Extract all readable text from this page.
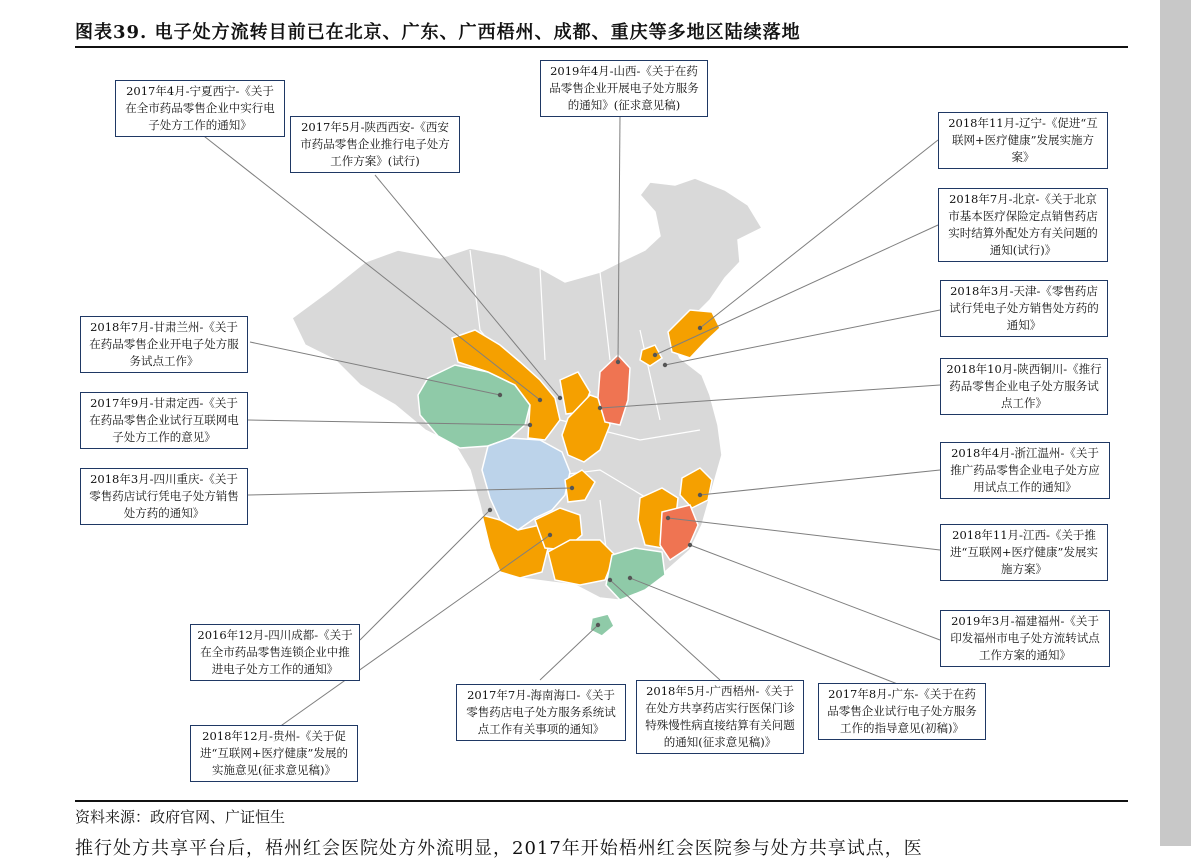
图表39. 电子处方流转目前已在北京、广东、广西梧州、成都、重庆等多地区陆续落地
2017年4月-宁夏西宁-《关于在全市药品零售企业中实行电子处方工作的通知》	2017年5月-陕西西安-《西安市药品零售企业推行电子处方工作方案》(试行)
2019年4月-山西-《关于在药品零售企业开展电子处方服务的通知》(征求意见稿)
2018年11月-辽宁-《促进“互联网+医疗健康”发展实施方案》
2018年7月-北京-《关于北京市基本医疗保险定点销售药店实时结算外配处方有关问题的通知(试行)》
2018年3月-天津-《零售药店试行凭电子处方销售处方药的通知》
2018年10月-陕西铜川-《推行药品零售企业电子处方服务试点工作》
2018年4月-浙江温州-《关于推广药品零售企业电子处方应用试点工作的通知》
2018年11月-江西-《关于推进“互联网+医疗健康”发展实施方案》
2019年3月-福建福州-《关于印发福州市电子处方流转试点工作方案的通知》
2017年8月-广东-《关于在药品零售企业试行电子处方服务工作的指导意见(初稿)》
2018年5月-广西梧州-《关于在处方共享药店实行医保门诊特殊慢性病直接结算有关问题的通知(征求意见稿)》
2017年7月-海南海口-《关于零售药店电子处方服务系统试点工作有关事项的通知》
2018年12月-贵州-《关于促进“互联网+医疗健康”发展的实施意见(征求意见稿)》
2016年12月-四川成都-《关于在全市药品零售连锁企业中推进电子处方工作的通知》
2018年3月-四川重庆-《关于零售药店试行凭电子处方销售处方药的通知》
2017年9月-甘肃定西-《关于在药品零售企业试行互联网电子处方工作的意见》
2018年7月-甘肃兰州-《关于在药品零售企业开电子处方服务试点工作》
资料来源：政府官网、广证恒生
推行处方共享平台后，梧州红会医院处方外流明显，2017年开始梧州红会医院参与处方共享试点，医
